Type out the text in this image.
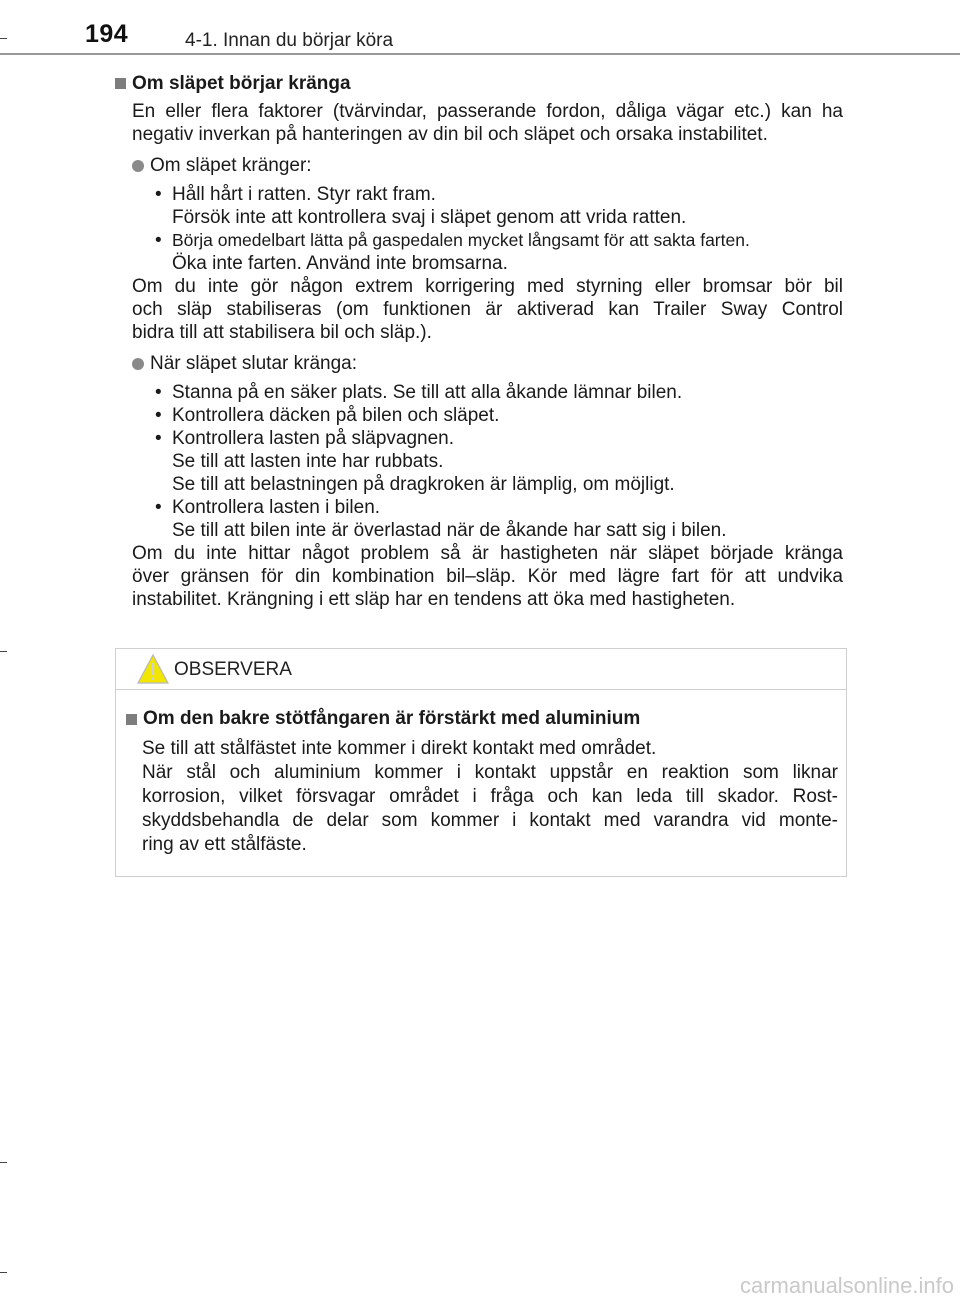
194	4-1. Innan du börjar köra
Om släpet börjar kränga
En eller flera faktorer (tvärvindar, passerande fordon, dåliga vägar etc.) kan ha
negativ inverkan på hanteringen av din bil och släpet och orsaka instabilitet.
Om släpet kränger:
• Håll hårt i ratten. Styr rakt fram.
Försök inte att kontrollera svaj i släpet genom att vrida ratten.
• Börja omedelbart lätta på gaspedalen mycket långsamt för att sakta farten.
Öka inte farten. Använd inte bromsarna.
Om du inte gör någon extrem korrigering med styrning eller bromsar bör bil
och släp stabiliseras (om funktionen är aktiverad kan Trailer Sway Control
bidra till att stabilisera bil och släp.).
När släpet slutar kränga:
• Stanna på en säker plats. Se till att alla åkande lämnar bilen.
• Kontrollera däcken på bilen och släpet.
• Kontrollera lasten på släpvagnen.
Se till att lasten inte har rubbats.
Se till att belastningen på dragkroken är lämplig, om möjligt.
• Kontrollera lasten i bilen.
Se till att bilen inte är överlastad när de åkande har satt sig i bilen.
Om du inte hittar något problem så är hastigheten när släpet började kränga
över gränsen för din kombination bil–släp. Kör med lägre fart för att undvika
instabilitet. Krängning i ett släp har en tendens att öka med hastigheten.
OBSERVERA
Om den bakre stötfångaren är förstärkt med aluminium
Se till att stålfästet inte kommer i direkt kontakt med området.
När stål och aluminium kommer i kontakt uppstår en reaktion som liknar
korrosion, vilket försvagar området i fråga och kan leda till skador. Rost-
skyddsbehandla de delar som kommer i kontakt med varandra vid monte-
ring av ett stålfäste.
carmanualsonline.info
